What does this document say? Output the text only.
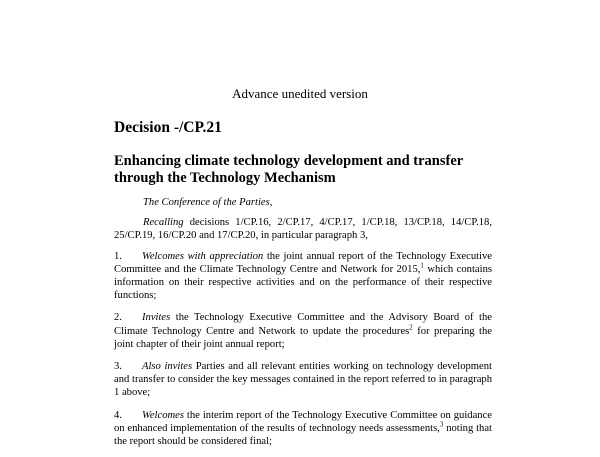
Advance unedited version
Decision -/CP.21
Enhancing climate technology development and transfer through the Technology Mechanism

The Conference of the Parties,

Recalling decisions 1/CP.16, 2/CP.17, 4/CP.17, 1/CP.18, 13/CP.18, 14/CP.18, 25/CP.19, 16/CP.20 and 17/CP.20, in particular paragraph 3,

1. Welcomes with appreciation the joint annual report of the Technology Executive Committee and the Climate Technology Centre and Network for 2015,$^1$ which contains information on their respective activities and on the performance of their respective functions;

2. Invites the Technology Executive Committee and the Advisory Board of the Climate Technology Centre and Network to update the procedures$^2$ for preparing the joint chapter of their joint annual report;

3. Also invites Parties and all relevant entities working on technology development and transfer to consider the key messages contained in the report referred to in paragraph 1 above;

4. Welcomes the interim report of the Technology Executive Committee on guidance on enhanced implementation of the results of technology needs assessments,$^3$ noting that the report should be considered final;
